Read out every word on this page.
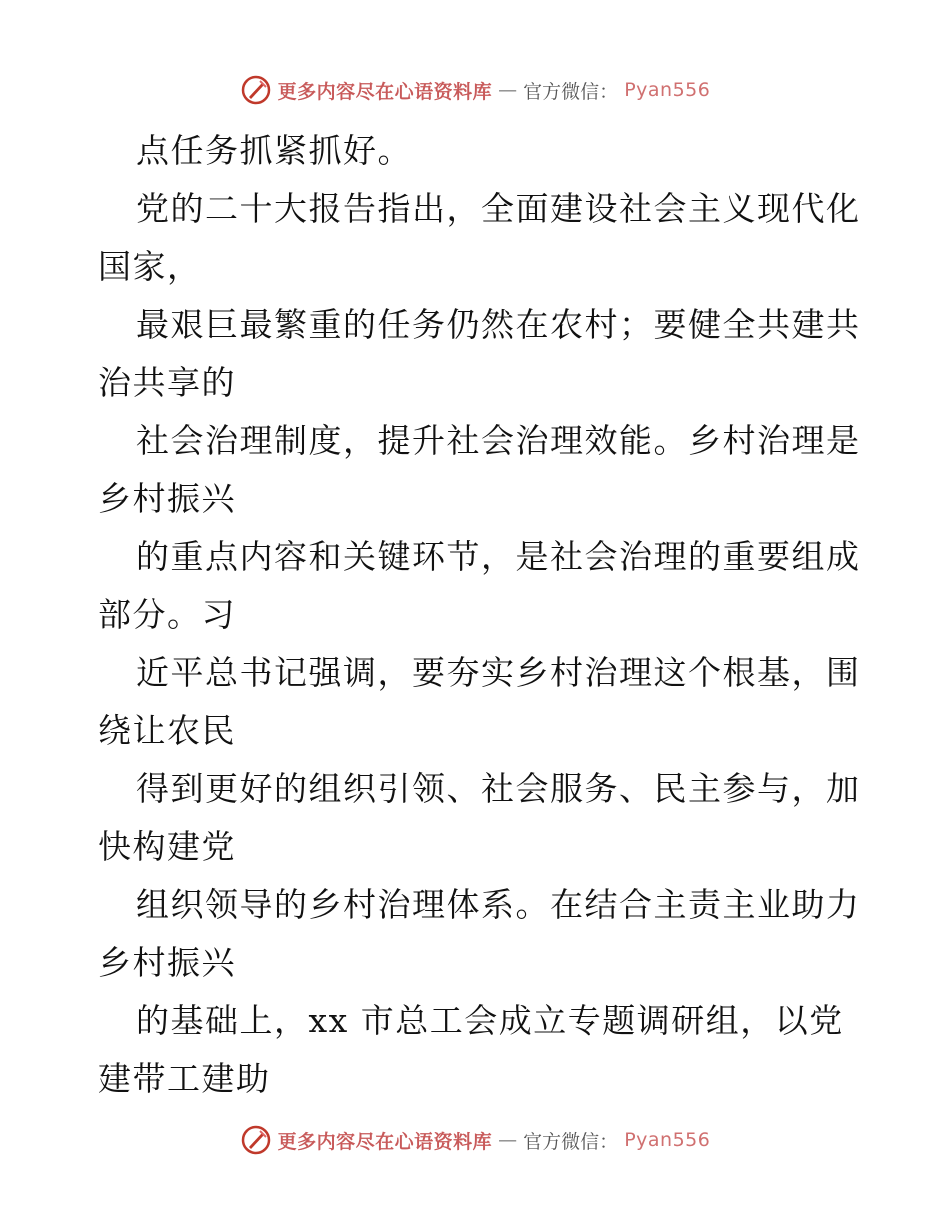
更多内容尽在心语资料库 — 官方微信： Pyan556
点任务抓紧抓好。
党的二十大报告指出，全面建设社会主义现代化
国家，
最艰巨最繁重的任务仍然在农村；要健全共建共
治共享的
社会治理制度，提升社会治理效能。乡村治理是
乡村振兴
的重点内容和关键环节，是社会治理的重要组成
部分。习
近平总书记强调，要夯实乡村治理这个根基，围
绕让农民
得到更好的组织引领、社会服务、民主参与，加
快构建党
组织领导的乡村治理体系。在结合主责主业助力
乡村振兴
的基础上，xx 市总工会成立专题调研组，以党
建带工建助
更多内容尽在心语资料库 — 官方微信： Pyan556
